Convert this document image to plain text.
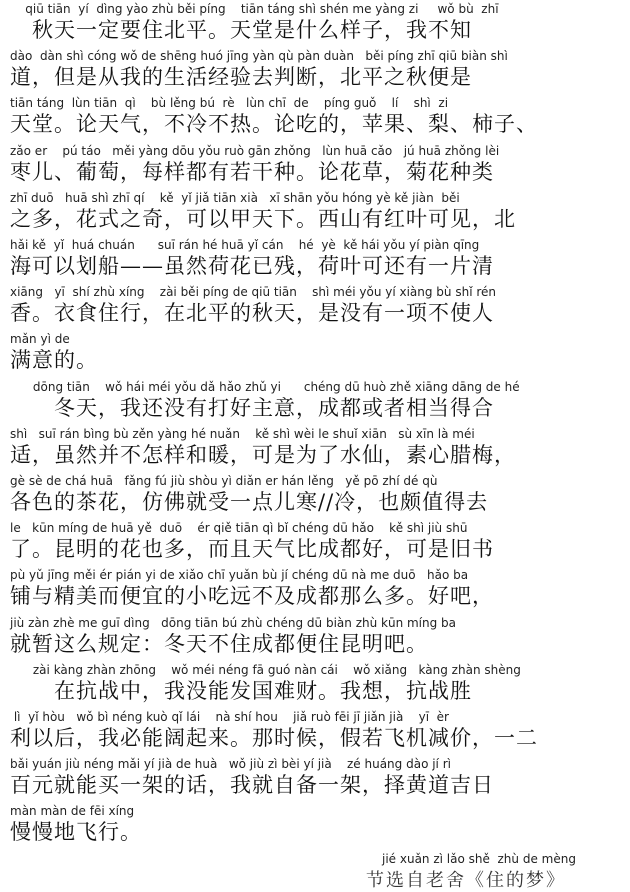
qiū tiān  yí  dìng yào zhù běi píng    tiān táng shì shén me yàng zi     wǒ bù  zhī
　秋天一定要住北平。天堂是什么样子，我不知
dào  dàn shì cóng wǒ de shēng huó jīng yàn qù pàn duàn   běi píng zhī qiū biàn shì
道，但是从我的生活经验去判断，北平之秋便是
tiān táng  lùn tiān  qì    bù lěng bú  rè   lùn chī  de    píng guǒ    lí    shì  zi
天堂。论天气，不冷不热。论吃的，苹果、梨、柿子、
zǎo er    pú táo   měi yàng dōu yǒu ruò gān zhǒng   lùn huā cǎo   jú huā zhǒng lèi
枣儿、葡萄，每样都有若干种。论花草，菊花种类
zhī duō   huā shì zhī qí    kě  yǐ jiǎ tiān xià   xī shān yǒu hóng yè kě jiàn  běi
之多，花式之奇，可以甲天下。西山有红叶可见，北
hǎi kě  yǐ  huá chuán      suī rán hé huā yǐ cán    hé  yè  kě hái yǒu yí piàn qīng
海可以划船——虽然荷花已残，荷叶可还有一片清
xiāng   yī  shí zhù xíng    zài běi píng de qiū tiān    shì méi yǒu yí xiàng bù shǐ rén
香。衣食住行，在北平的秋天，是没有一项不使人
mǎn yì de
满意的。
dōng tiān    wǒ hái méi yǒu dǎ hǎo zhǔ yi      chéng dū huò zhě xiāng dāng de hé
　　冬天，我还没有打好主意，成都或者相当得合
shì   suī rán bìng bù zěn yàng hé nuǎn    kě shì wèi le shuǐ xiān   sù xīn là méi
适，虽然并不怎样和暖，可是为了水仙，素心腊梅，
gè sè de chá huā   fǎng fú jiù shòu yì diǎn er hán lěng   yě pō zhí dé qù
各色的茶花，仿佛就受一点儿寒//冷，也颇值得去
le   kūn míng de huā yě  duō    ér qiě tiān qì bǐ chéng dū hǎo    kě shì jiù shū
了。昆明的花也多，而且天气比成都好，可是旧书
pù yǔ jīng měi ér pián yi de xiǎo chī yuǎn bù jí chéng dū nà me duō   hǎo ba
铺与精美而便宜的小吃远不及成都那么多。好吧，
jiù zàn zhè me guī dìng   dōng tiān bú zhù chéng dū biàn zhù kūn míng ba
就暂这么规定：冬天不住成都便住昆明吧。
zài kàng zhàn zhōng    wǒ méi néng fā guó nàn cái    wǒ xiǎng   kàng zhàn shèng
　　在抗战中，我没能发国难财。我想，抗战胜
lì  yǐ hòu   wǒ bì néng kuò qǐ lái    nà shí hou    jiǎ ruò fēi jī jiǎn jià    yī  èr
利以后，我必能阔起来。那时候，假若飞机减价，一二
bǎi yuán jiù néng mǎi yí jià de huà   wǒ jiù zì bèi yí jià    zé huáng dào jí rì
百元就能买一架的话，我就自备一架，择黄道吉日
màn màn de fēi xíng
慢慢地飞行。
jié xuǎn zì lǎo shě  zhù de mèng
节选自老舍《住的梦》
